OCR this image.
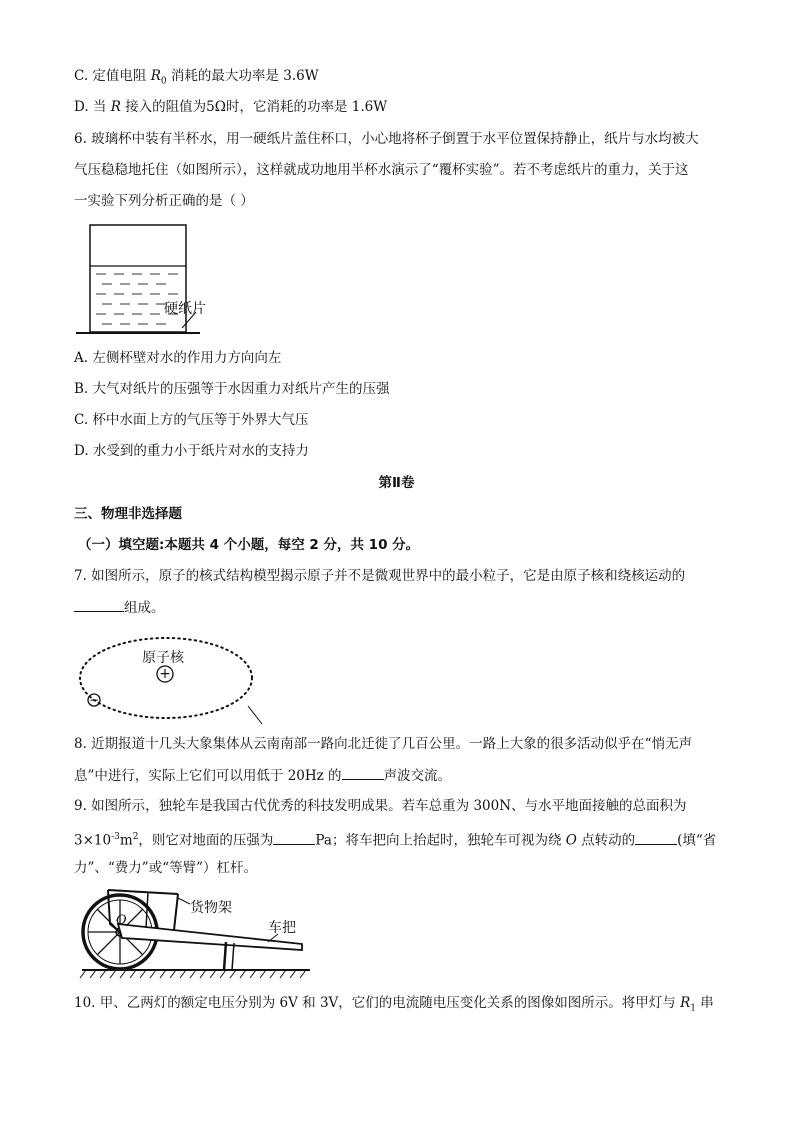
C. 定值电阻 $R_0$ 消耗的最大功率是 3.6W
D. 当 R 接入的阻值为5Ω时，它消耗的功率是 1.6W
6. 玻璃杯中装有半杯水，用一硬纸片盖住杯口，小心地将杯子倒置于水平位置保持静止，纸片与水均被大
气压稳稳地托住（如图所示），这样就成功地用半杯水演示了“覆杯实验”。若不考虑纸片的重力，关于这
一实验下列分析正确的是（ ）
硬纸片
A. 左侧杯壁对水的作用力方向向左
B. 大气对纸片的压强等于水因重力对纸片产生的压强
C. 杯中水面上方的气压等于外界大气压
D. 水受到的重力小于纸片对水的支持力
第Ⅱ卷
三、物理非选择题
（一）填空题:本题共 4 个小题，每空 2 分，共 10 分。
7. 如图所示，原子的核式结构模型揭示原子并不是微观世界中的最小粒子，它是由原子核和绕核运动的
组成。
原子核
+
−
8. 近期报道十几头大象集体从云南南部一路向北迁徙了几百公里。一路上大象的很多活动似乎在“悄无声
息”中进行，实际上它们可以用低于 20Hz 的	声波交流。
9. 如图所示，独轮车是我国古代优秀的科技发明成果。若车总重为 300N、与水平地面接触的总面积为
$3\times 10^{-3}m^2$，则它对地面的压强为	Pa；将车把向上抬起时，独轮车可视为绕 O 点转动的	(填“省
力”、“费力”或“等臂”）杠杆。
货物架
车把
O
10. 甲、乙两灯的额定电压分别为 6V 和 3V，它们的电流随电压变化关系的图像如图所示。将甲灯与 $R_1$ 串
